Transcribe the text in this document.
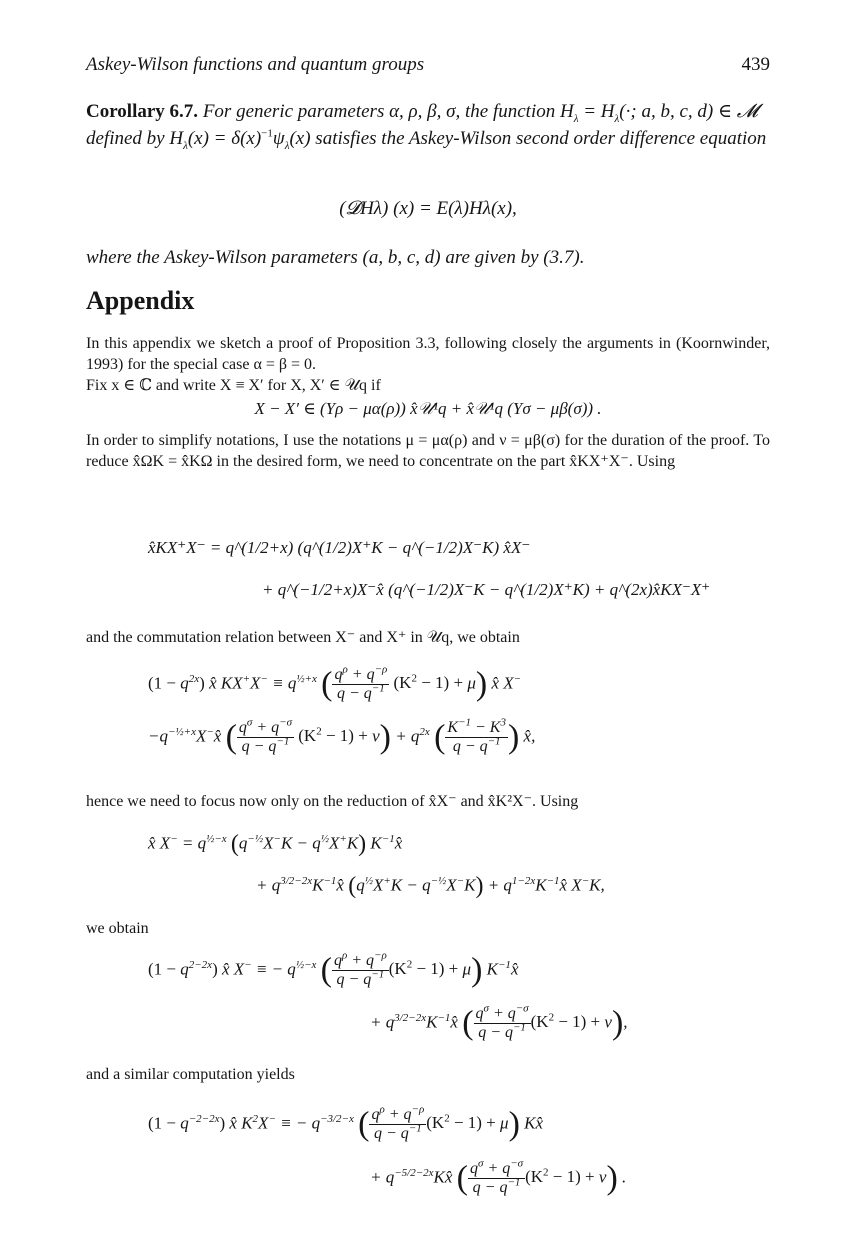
Askey-Wilson functions and quantum groups	439
Corollary 6.7. For generic parameters α, ρ, β, σ, the function $H_\lambda = H_\lambda(\cdot$; a, b, c, d) ∈ 𝓜 defined by $H_\lambda(x) = \delta(x)^{-1}\psi_\lambda(x)$ satisfies the Askey-Wilson second order difference equation
(𝓓Hλ) (x) = E(λ)Hλ(x),
where the Askey-Wilson parameters (a, b, c, d) are given by (3.7).
Appendix

In this appendix we sketch a proof of Proposition 3.3, following closely the arguments in (Koornwinder, 1993) for the special case α = β = 0.

Fix x ∈ ℂ and write X ≡ X′ for X, X′ ∈ 𝒰q if

X − X′ ∈ (Yρ − μα(ρ)) x̂𝒰¹q + x̂𝒰¹q (Yσ − μβ(σ)) .
In order to simplify notations, I use the notations μ = μα(ρ) and ν = μβ(σ) for the duration of the proof. To reduce x̂ΩK = x̂KΩ in the desired form, we need to concentrate on the part x̂KX⁺X⁻. Using
x̂KX⁺X⁻ = q^(1/2+x) (q^(1/2)X⁺K − q^(−1/2)X⁻K) x̂X⁻
+ q^(−1/2+x)X⁻x̂ (q^(−1/2)X⁻K − q^(1/2)X⁺K) + q^(2x)x̂KX⁻X⁺
and the commutation relation between X⁻ and X⁺ in 𝒰q, we obtain
$(1 - q^{2x})$ x̂ $KX^+X^- \equiv q^{\frac{1}{2}+x}$ ( $\frac{q^\rho + q^{-\rho}}{q - q^{-1}} (K^2 - 1) + \mu$) x̂ X−
$-q^{-\frac{1}{2}+x}X^-x̂$ ( $\frac{q^\sigma + q^{-\sigma}}{q - q^{-1}} (K^2 - 1) + \nu) + q^{2x}$ ( $\frac{K^{-1} - K^3}{q - q^{-1}}$ ) x̂,
hence we need to focus now only on the reduction of x̂X⁻ and x̂K²X⁻. Using
x̂ $X^- = q^{\frac{1}{2}-x}$ $(q^{-\frac{1}{2}}X^-K - q^{\frac{1}{2}}X^+K)$ $K^{-1}x̂$
+ $q^{3/2-2x}K^{-1}x̂$ $(q^{\frac{1}{2}}X^+K - q^{-\frac{1}{2}}X^-K)$ + $q^{1-2x}K^{-1}x̂$ X−K,
we obtain
$(1 - q^{2-2x})$ x̂ X− ≡ − $q^{\frac{1}{2}-x}$ ( $\frac{q^\rho + q^{-\rho}}{q - q^{-1}} (K^2 - 1) + \mu$) $K^{-1}x̂$
+ $q^{3/2-2x}K^{-1}x̂$ ( $\frac{q^\sigma + q^{-\sigma}}{q - q^{-1}} (K^2 - 1) + \nu$),
and a similar computation yields
$(1 - q^{-2-2x})$ x̂ $K^2X^-$ ≡ − $q^{-3/2-x}$ ( $\frac{q^\rho + q^{-\rho}}{q - q^{-1}} (K^2 - 1) + \mu$) Kx̂
+ $q^{-5/2-2x}Kx̂$ ( $\frac{q^\sigma + q^{-\sigma}}{q - q^{-1}} (K^2 - 1) + \nu$) .
